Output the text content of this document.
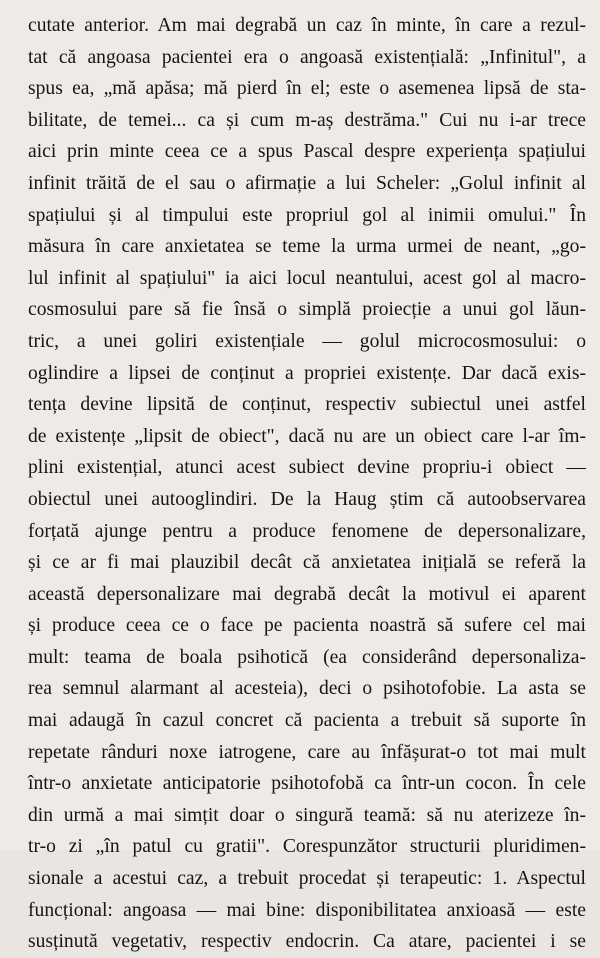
cutate anterior. Am mai degrabă un caz în minte, în care a rezul-
tat că angoasa pacientei era o angoasă existențială: „Infinitul", a
spus ea, „mă apăsa; mă pierd în el; este o asemenea lipsă de sta-
bilitate, de temei... ca și cum m-aș destrăma." Cui nu i-ar trece
aici prin minte ceea ce a spus Pascal despre experiența spațiului
infinit trăită de el sau o afirmație a lui Scheler: „Golul infinit al
spațiului și al timpului este propriul gol al inimii omului." În
măsura în care anxietatea se teme la urma urmei de neant, „go-
lul infinit al spațiului" ia aici locul neantului, acest gol al macro-
cosmosului pare să fie însă o simplă proiecție a unui gol lăun-
tric, a unei goliri existențiale — golul microcosmosului: o
oglindire a lipsei de conținut a propriei existențe. Dar dacă exis-
tența devine lipsită de conținut, respectiv subiectul unei astfel
de existențe „lipsit de obiect", dacă nu are un obiect care l-ar îm-
plini existențial, atunci acest subiect devine propriu-i obiect —
obiectul unei autooglindiri. De la Haug știm că autoobservarea
forțată ajunge pentru a produce fenomene de depersonalizare,
și ce ar fi mai plauzibil decât că anxietatea inițială se referă la
această depersonalizare mai degrabă decât la motivul ei aparent
și produce ceea ce o face pe pacienta noastră să sufere cel mai
mult: teama de boala psihotică (ea considerând depersonaliza-
rea semnul alarmant al acesteia), deci o psihotofobie. La asta se
mai adaugă în cazul concret că pacienta a trebuit să suporte în
repetate rânduri noxe iatrogene, care au înfășurat-o tot mai mult
într-o anxietate anticipatorie psihotofobă ca într-un cocon. În cele
din urmă a mai simțit doar o singură teamă: să nu aterizeze în-
tr-o zi „în patul cu gratii". Corespunzător structurii pluridimen-
sionale a acestui caz, a trebuit procedat și terapeutic: 1. Aspectul
funcțional: angoasa — mai bine: disponibilitatea anxioasă — este
susținută vegetativ, respectiv endocrin. Ca atare, pacientei i se
